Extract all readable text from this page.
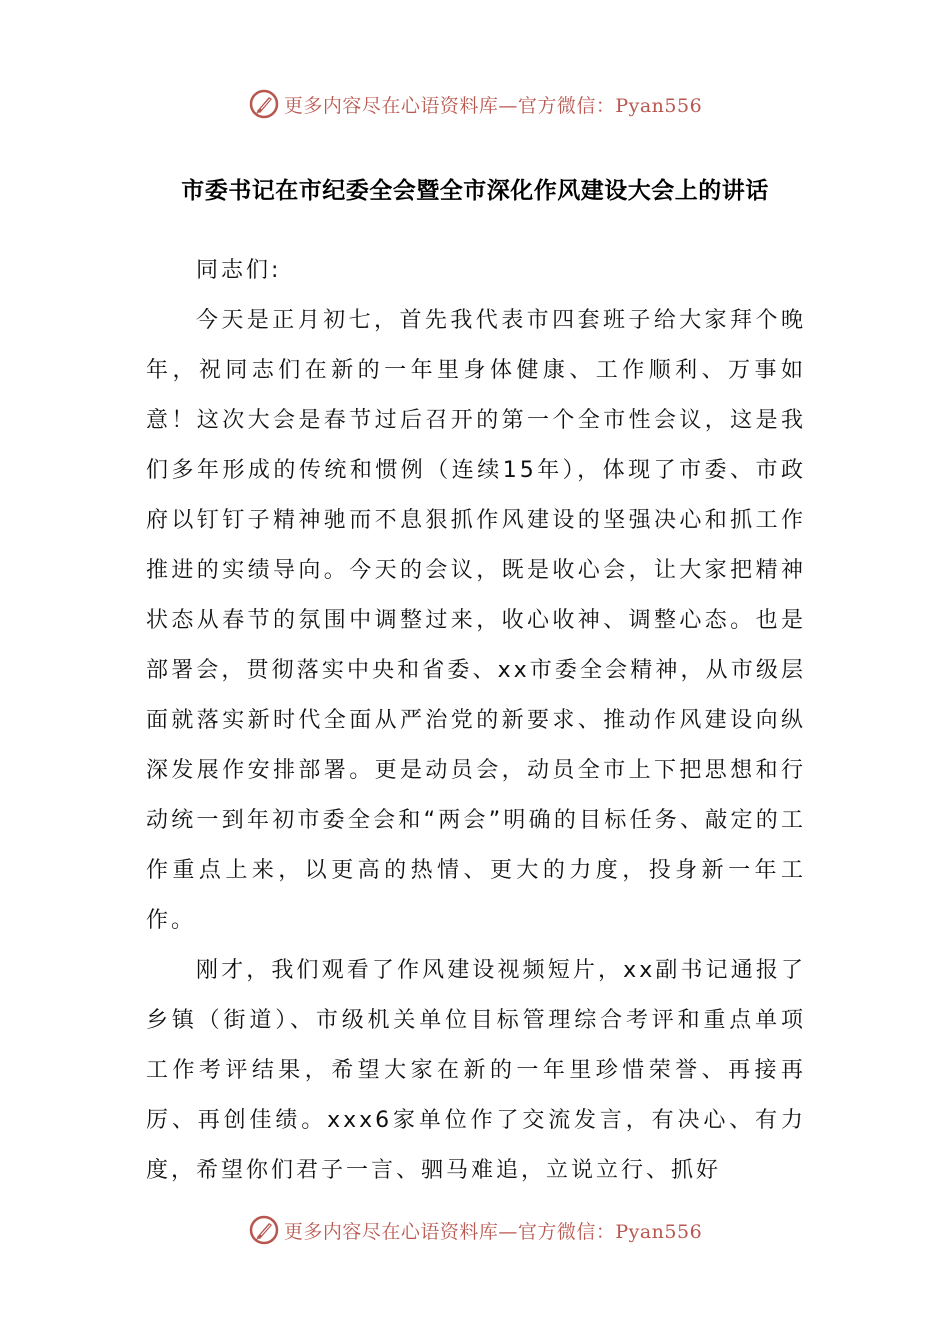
更多内容尽在心语资料库—官方微信：Pyan556
市委书记在市纪委全会暨全市深化作风建设大会上的讲话

同志们:

今天是正月初七，首先我代表市四套班子给大家拜个晚年，祝同志们在新的一年里身体健康、工作顺利、万事如意！这次大会是春节过后召开的第一个全市性会议，这是我们多年形成的传统和惯例（连续15年），体现了市委、市政府以钉钉子精神驰而不息狠抓作风建设的坚强决心和抓工作推进的实绩导向。今天的会议，既是收心会，让大家把精神状态从春节的氛围中调整过来，收心收神、调整心态。也是部署会，贯彻落实中央和省委、xx市委全会精神，从市级层面就落实新时代全面从严治党的新要求、推动作风建设向纵深发展作安排部署。更是动员会，动员全市上下把思想和行动统一到年初市委全会和“两会”明确的目标任务、敲定的工作重点上来，以更高的热情、更大的力度，投身新一年工作。

刚才，我们观看了作风建设视频短片，xx副书记通报了乡镇（街道）、市级机关单位目标管理综合考评和重点单项工作考评结果，希望大家在新的一年里珍惜荣誉、再接再厉、再创佳绩。xxx6家单位作了交流发言，有决心、有力度，希望你们君子一言、驷马难追，立说立行、抓好

更多内容尽在心语资料库—官方微信：Pyan556
